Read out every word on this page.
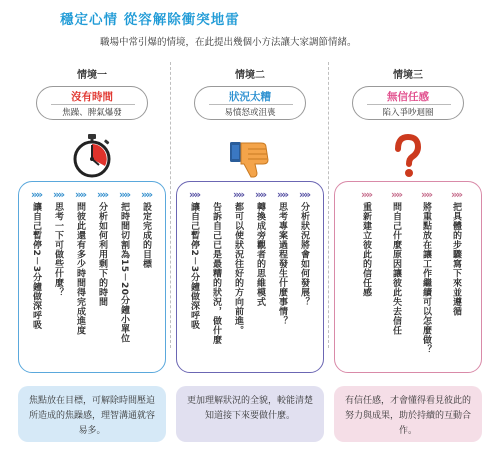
穩定心情 從容解除衝突地雷
職場中常引爆的情境，在此提出幾個小方法讓大家調節情緒。
情境一
沒有時間
焦躁、脾氣爆發
»»
設定完成的目標
»»
把時間切割為15－20分鐘小單位
»»
分析如何利用剩下的時間
»»
問彼此還有多少時間得完成進度
»»
思考一下可做些什麼？
»»
讓自己暫停2－3分鐘做深呼吸
焦點放在目標，可解除時間壓迫所造成的焦躁感，理智溝通就容易多。
情境二
狀況太糟
易憤怒或沮喪
»»
分析狀況將會如何發展？
»»
思考專案過程發生什麼事情？
»»
轉換成旁觀者的思維模式
»»
都可以使狀況往好的方向前進。
告訴自己已是最糟的狀況，做什麼
»»
讓自己暫停2－3分鐘做深呼吸
更加理解狀況的全貌，較能清楚知道接下來要做什麼。
情境三
無信任感
陷入爭吵迴圈
»»
把具體的步驟寫下來並遵循
»»
將重點放在讓工作繼續可以怎麼做？
»»
問自己什麼原因讓彼此失去信任
»»
重新建立彼此的信任感
有信任感，才會懂得看見彼此的努力與成果，助於持續的互動合作。
